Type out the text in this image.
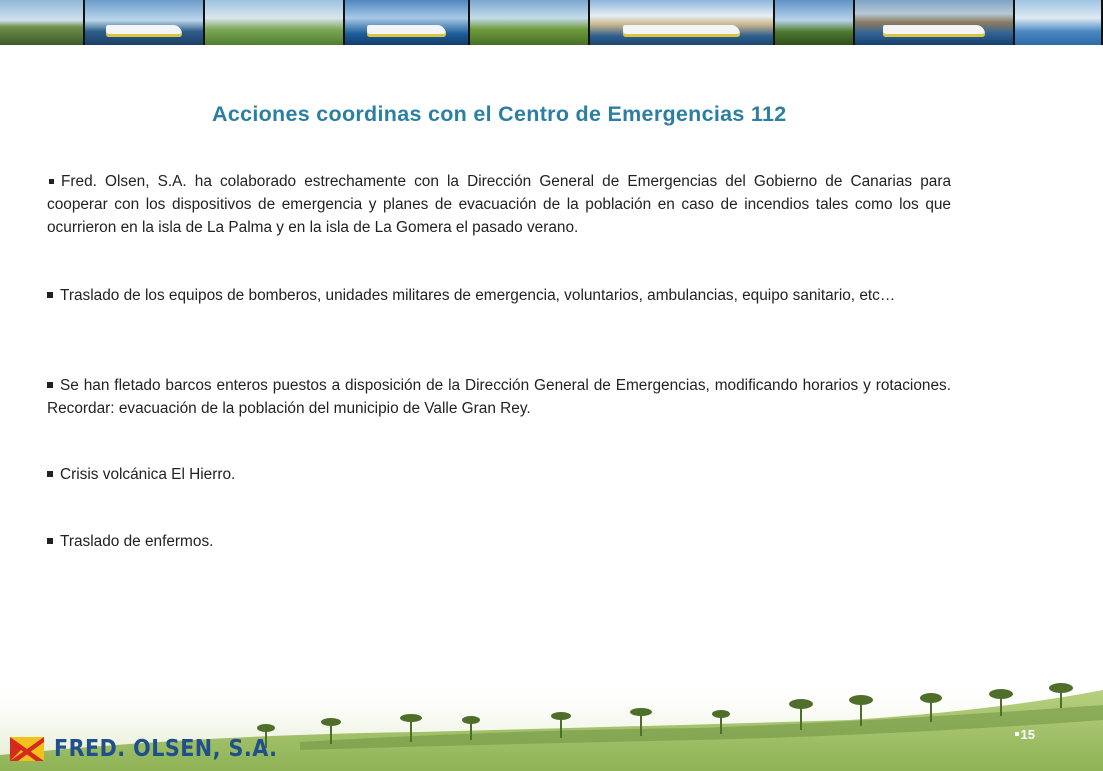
Acciones coordinas con el Centro de Emergencias 112
Fred. Olsen, S.A. ha colaborado estrechamente con la Dirección General de Emergencias del Gobierno de Canarias para cooperar con los dispositivos de emergencia y planes de evacuación de la población en caso de incendios tales como los que ocurrieron en la isla de La Palma y en la isla de La Gomera el pasado verano.
Traslado de los equipos de bomberos, unidades militares de emergencia, voluntarios, ambulancias, equipo sanitario, etc…
Se han fletado barcos enteros puestos a disposición de la Dirección General de Emergencias, modificando horarios y rotaciones. Recordar: evacuación de la población del municipio de Valle Gran Rey.
Crisis volcánica El Hierro.
Traslado de enfermos.
FRED. OLSEN, S.A.
15
